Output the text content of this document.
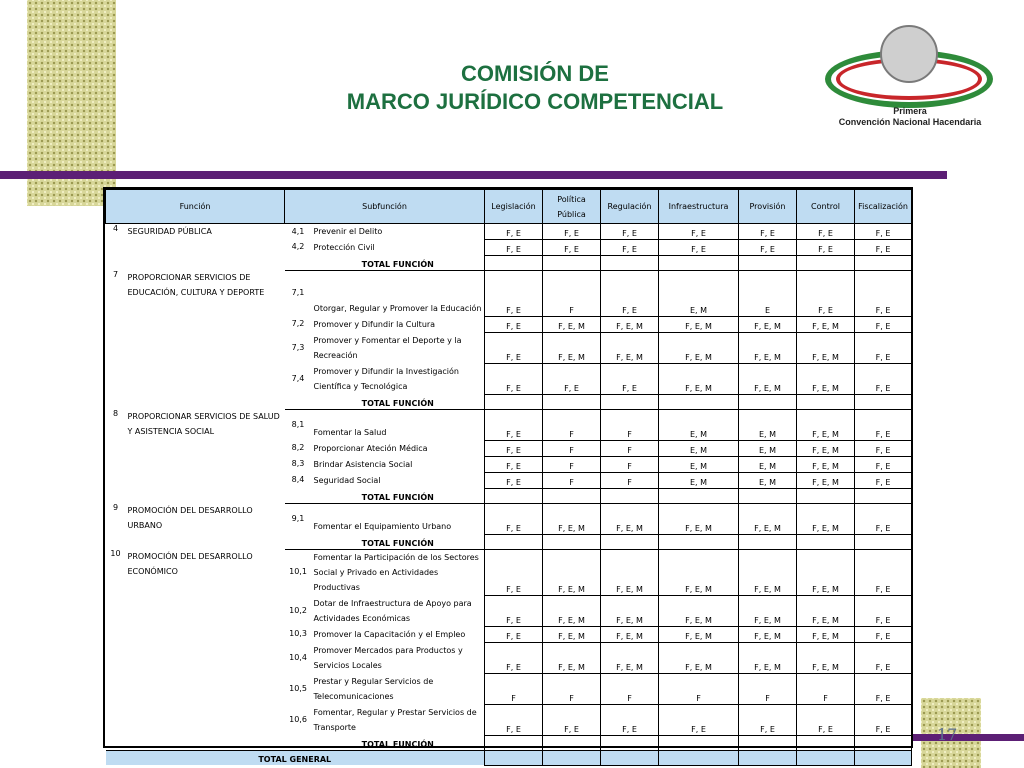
COMISIÓN DE
MARCO JURÍDICO COMPETENCIAL	Primera
Convención Nacional Hacendaria
Función		Subfunción		Legislación	Política Pública	Regulación	Infraestructura	Provisión	Control	Fiscalización
4	SEGURIDAD PÚBLICA	4,1	Prevenir el Delito	F, E	F, E	F, E	F, E	F, E	F, E	F, E
		4,2	Protección Civil	F, E	F, E	F, E	F, E	F, E	F, E	F, E
			TOTAL FUNCIÓN							
7	PROPORCIONAR SERVICIOS DE EDUCACIÓN, CULTURA Y DEPORTE	7,1	Otorgar, Regular y Promover la Educación	F, E	F	F, E	E, M	E	F, E	F, E
		7,2	Promover y Difundir la Cultura	F, E	F, E, M	F, E, M	F, E, M	F, E, M	F, E, M	F, E
		7,3	Promover y Fomentar el Deporte y la Recreación	F, E	F, E, M	F, E, M	F, E, M	F, E, M	F, E, M	F, E
		7,4	Promover y Difundir la Investigación Científica y Tecnológica	F, E	F, E	F, E	F, E, M	F, E, M	F, E, M	F, E
			TOTAL FUNCIÓN							
8	PROPORCIONAR SERVICIOS DE SALUD Y ASISTENCIA SOCIAL	8,1	Fomentar la Salud	F, E	F	F	E, M	E, M	F, E, M	F, E
		8,2	Proporcionar Ateción Médica	F, E	F	F	E, M	E, M	F, E, M	F, E
		8,3	Brindar Asistencia Social	F, E	F	F	E, M	E, M	F, E, M	F, E
		8,4	Seguridad Social	F, E	F	F	E, M	E, M	F, E, M	F, E
			TOTAL FUNCIÓN							
9	PROMOCIÓN DEL DESARROLLO URBANO	9,1	Fomentar el Equipamiento Urbano	F, E	F, E, M	F, E, M	F, E, M	F, E, M	F, E, M	F, E
			TOTAL FUNCIÓN							
10	PROMOCIÓN DEL DESARROLLO ECONÓMICO	10,1	Fomentar la Participación de los Sectores Social y Privado en Actividades Productivas	F, E	F, E, M	F, E, M	F, E, M	F, E, M	F, E, M	F, E
		10,2	Dotar de Infraestructura de Apoyo para Actividades Económicas	F, E	F, E, M	F, E, M	F, E, M	F, E, M	F, E, M	F, E
		10,3	Promover la Capacitación y el Empleo	F, E	F, E, M	F, E, M	F, E, M	F, E, M	F, E, M	F, E
		10,4	Promover Mercados para Productos y Servicios Locales	F, E	F, E, M	F, E, M	F, E, M	F, E, M	F, E, M	F, E
		10,5	Prestar y Regular Servicios de Telecomunicaciones	F	F	F	F	F	F	F, E
		10,6	Fomentar, Regular y Prestar Servicios de Transporte	F, E	F, E	F, E	F, E	F, E	F, E	F, E
			TOTAL FUNCIÓN							
TOTAL GENERAL										
17
